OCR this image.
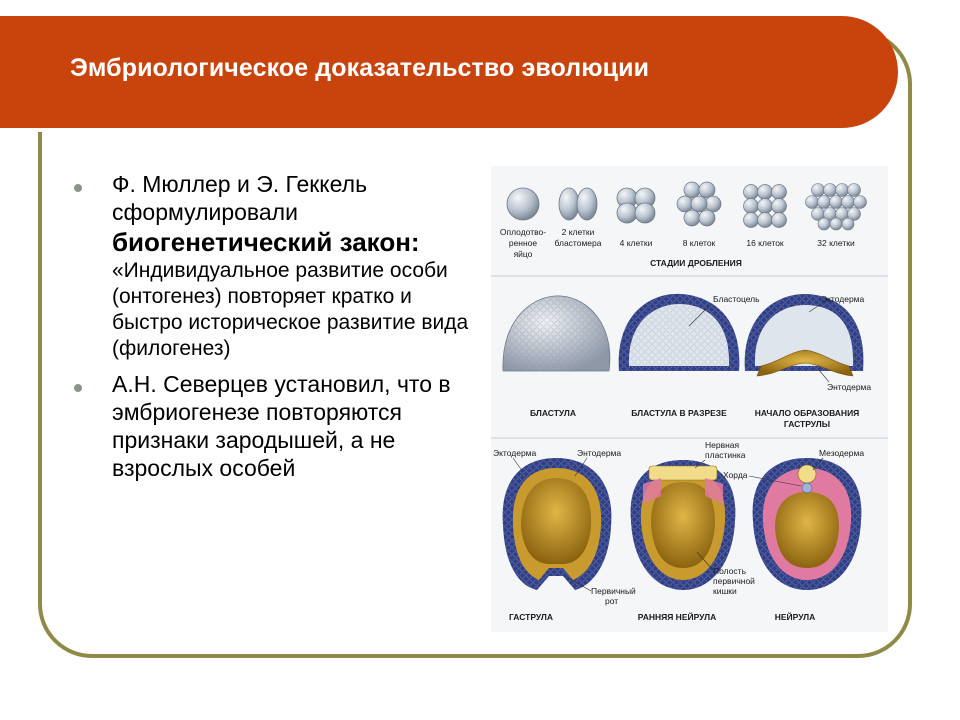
Эмбриологическое доказательство эволюции
Ф. Мюллер и Э. Геккель сформулировали
биогенетический закон:
«Индивидуальное развитие особи (онтогенез) повторяет кратко и быстро историческое развитие вида (филогенез)
А.Н. Северцев установил, что в эмбриогенезе повторяются признаки зародышей, а не взрослых особей
Оплодотво-
ренное
яйцо
2 клетки
бластомера 4 клетки	8 клеток	16 клеток	32 клетки
СТАДИИ ДРОБЛЕНИЯ
Бластоцель	Эктодерма
Энтодерма
БЛАСТУЛА	БЛАСТУЛА В РАЗРЕЗЕ	НАЧАЛО ОБРАЗОВАНИЯ
ГАСТРУЛЫ
Эктодерма	Энтодерма
Нервная
пластинка
Хорда
Мезодерма
Первичный
рот
Полость
первичной
кишки
ГАСТРУЛА	РАННЯЯ НЕЙРУЛА	НЕЙРУЛА
